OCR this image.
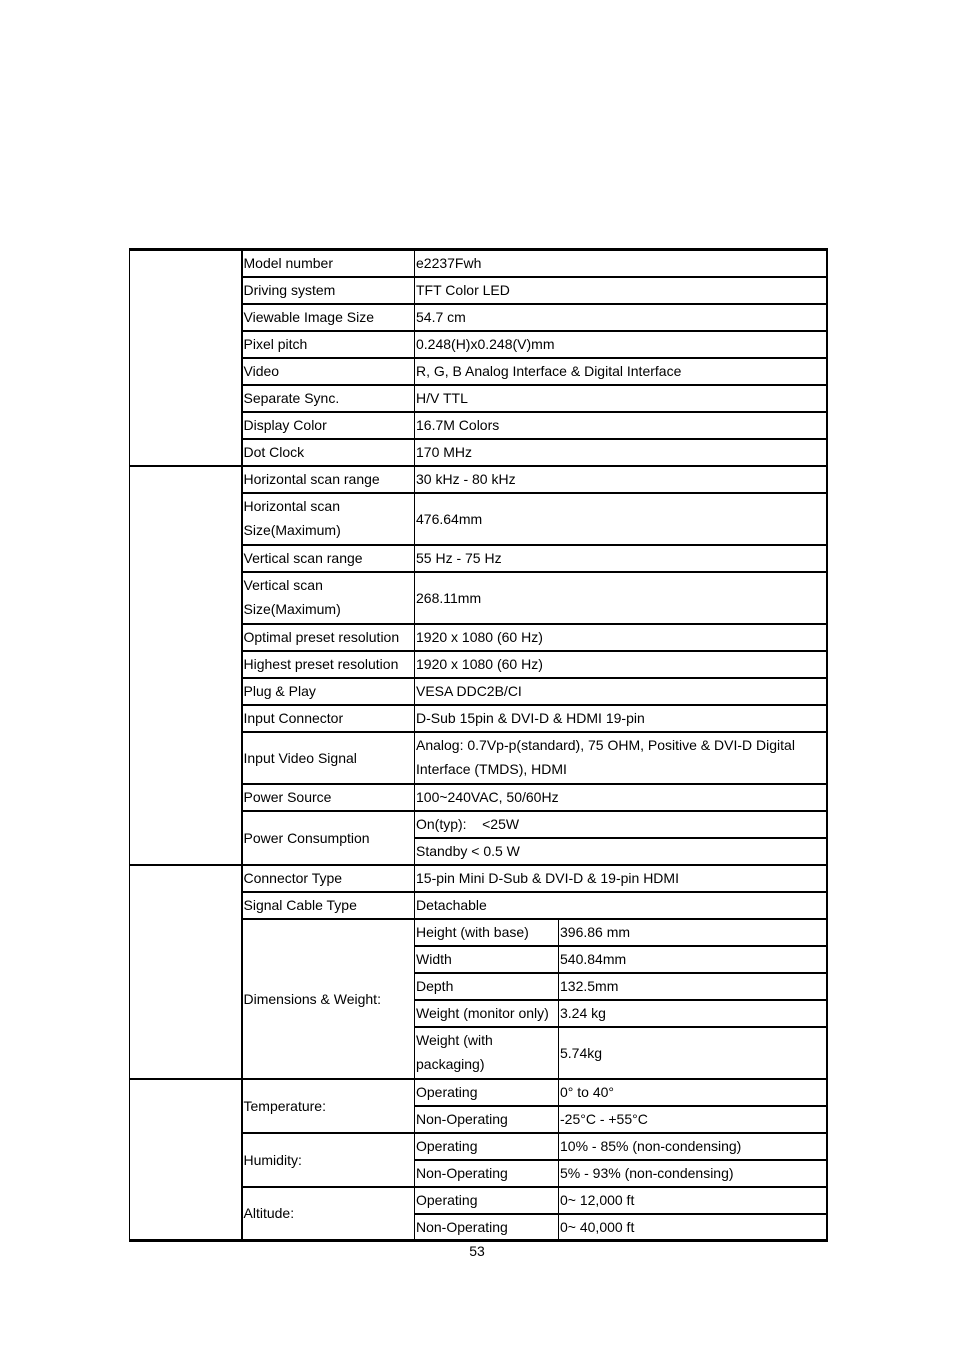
	Model number	e2237Fwh	
	Driving system	TFT Color LED	
	Viewable Image Size	54.7 cm	
	Pixel pitch	0.248(H)x0.248(V)mm	
	Video	R, G, B Analog Interface & Digital Interface	
	Separate Sync.	H/V TTL	
	Display Color	16.7M Colors	
	Dot Clock	170 MHz	
	Horizontal scan range	30 kHz - 80 kHz	
	Horizontal scan Size(Maximum)	476.64mm	
	Vertical scan range	55 Hz - 75 Hz	
	Vertical scan Size(Maximum)	268.11mm	
	Optimal preset resolution	1920 x 1080 (60 Hz)	
	Highest preset resolution	1920 x 1080 (60 Hz)	
	Plug & Play	VESA DDC2B/CI	
	Input Connector	D-Sub 15pin & DVI-D & HDMI 19-pin	
	Input Video Signal	Analog: 0.7Vp-p(standard), 75 OHM, Positive & DVI-D Digital Interface (TMDS), HDMI	
	Power Source	100~240VAC, 50/60Hz	
	Power Consumption	On(typ):    <25W	
		Standby < 0.5 W	
	Connector Type	15-pin Mini D-Sub & DVI-D & 19-pin HDMI	
	Signal Cable Type	Detachable	
	Dimensions & Weight:	Height (with base)	396.86 mm
		Width	540.84mm
		Depth	132.5mm
		Weight (monitor only)	3.24 kg
		Weight (with packaging)	5.74kg
	Temperature:	Operating	0° to 40°
		Non-Operating	-25°C - +55°C
	Humidity:	Operating	10% - 85% (non-condensing)
		Non-Operating	5% - 93% (non-condensing)
	Altitude:	Operating	0~ 12,000 ft
		Non-Operating	0~ 40,000 ft
53
